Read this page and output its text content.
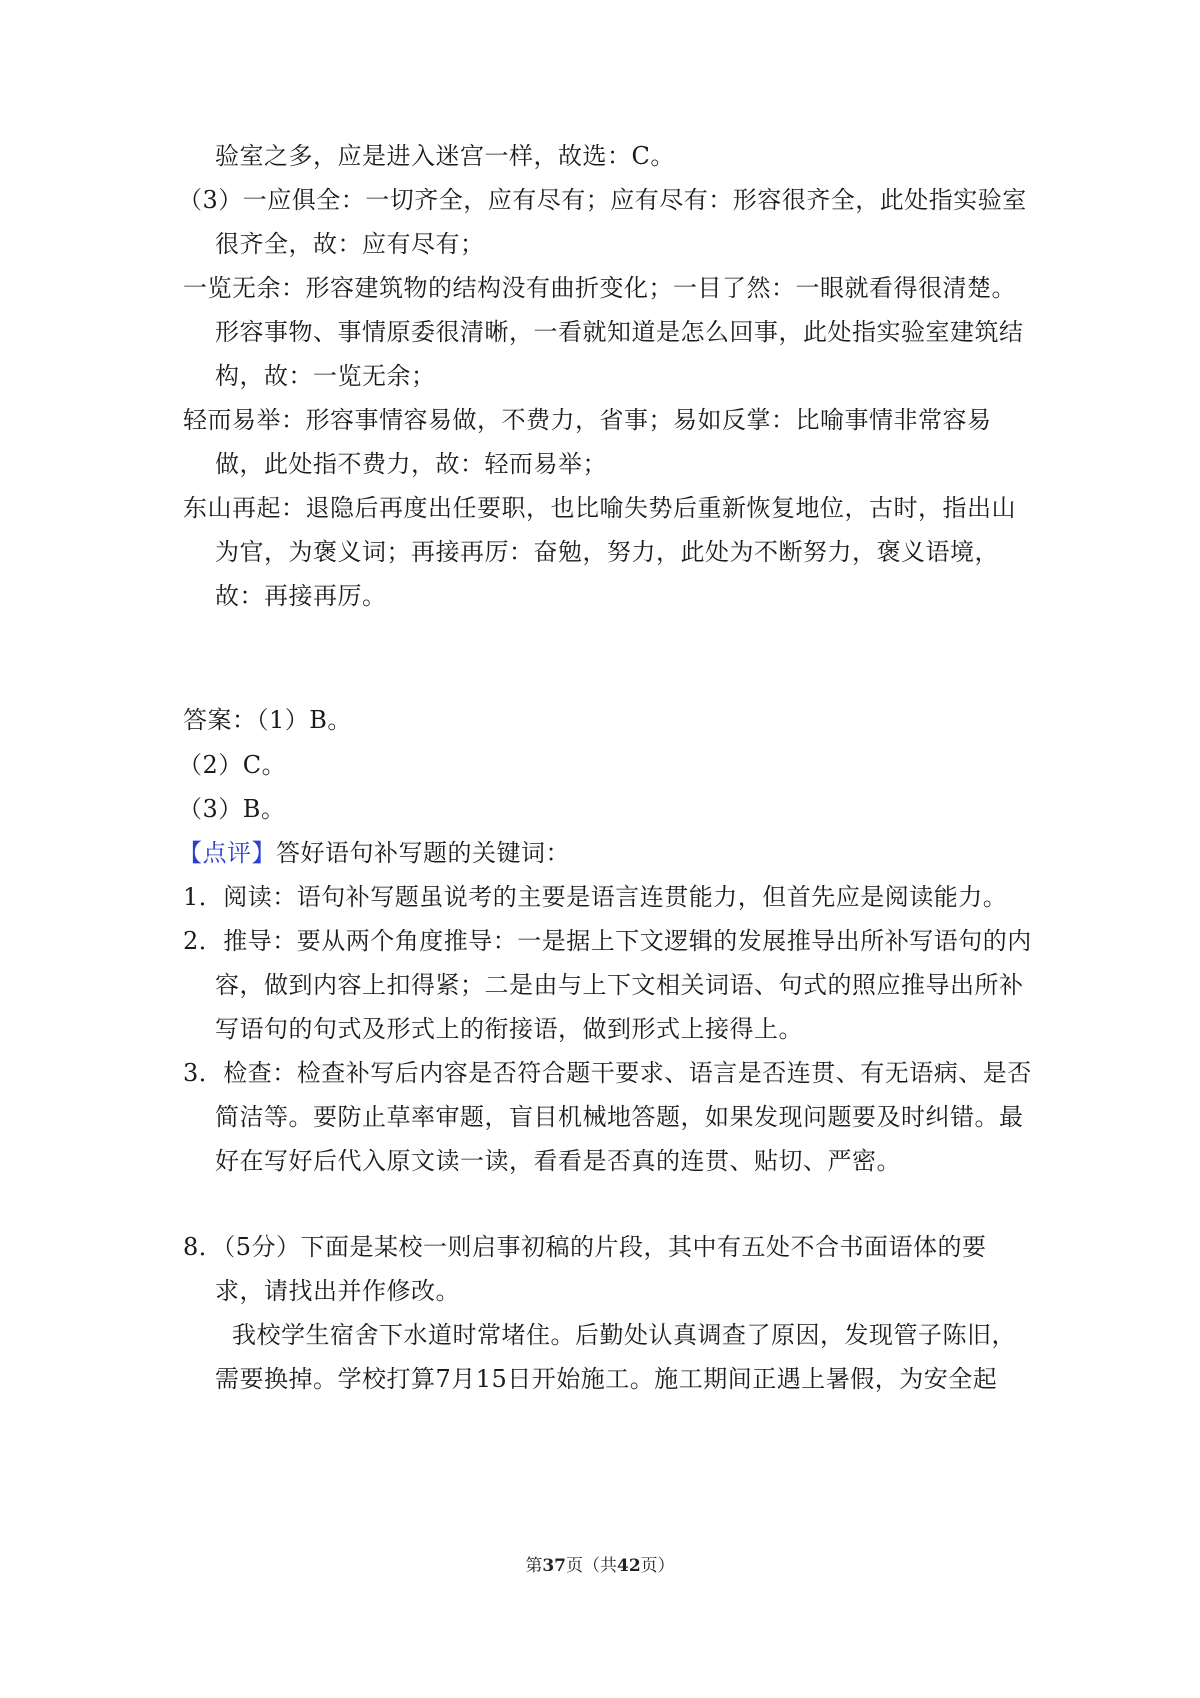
验室之多，应是进入迷宫一样，故选：C。
（3）一应俱全：一切齐全，应有尽有；应有尽有：形容很齐全，此处指实验室
很齐全，故：应有尽有；
一览无余：形容建筑物的结构没有曲折变化；一目了然：一眼就看得很清楚。
形容事物、事情原委很清晰，一看就知道是怎么回事，此处指实验室建筑结
构，故：一览无余；
轻而易举：形容事情容易做，不费力，省事；易如反掌：比喻事情非常容易
做，此处指不费力，故：轻而易举；
东山再起：退隐后再度出任要职，也比喻失势后重新恢复地位，古时，指出山
为官，为褒义词；再接再厉：奋勉，努力，此处为不断努力，褒义语境，
故：再接再厉。
答案：（1）B。
（2）C。
（3）B。
【点评】答好语句补写题的关键词：
1．阅读：语句补写题虽说考的主要是语言连贯能力，但首先应是阅读能力。
2．推导：要从两个角度推导：一是据上下文逻辑的发展推导出所补写语句的内
容，做到内容上扣得紧；二是由与上下文相关词语、句式的照应推导出所补
写语句的句式及形式上的衔接语，做到形式上接得上。
3．检查：检查补写后内容是否符合题干要求、语言是否连贯、有无语病、是否
简洁等。要防止草率审题，盲目机械地答题，如果发现问题要及时纠错。最
好在写好后代入原文读一读，看看是否真的连贯、贴切、严密。
8．（5分）下面是某校一则启事初稿的片段，其中有五处不合书面语体的要
求，请找出并作修改。
我校学生宿舍下水道时常堵住。后勤处认真调查了原因，发现管子陈旧，
需要换掉。学校打算7月15日开始施工。施工期间正遇上暑假，为安全起
第37页（共42页）
